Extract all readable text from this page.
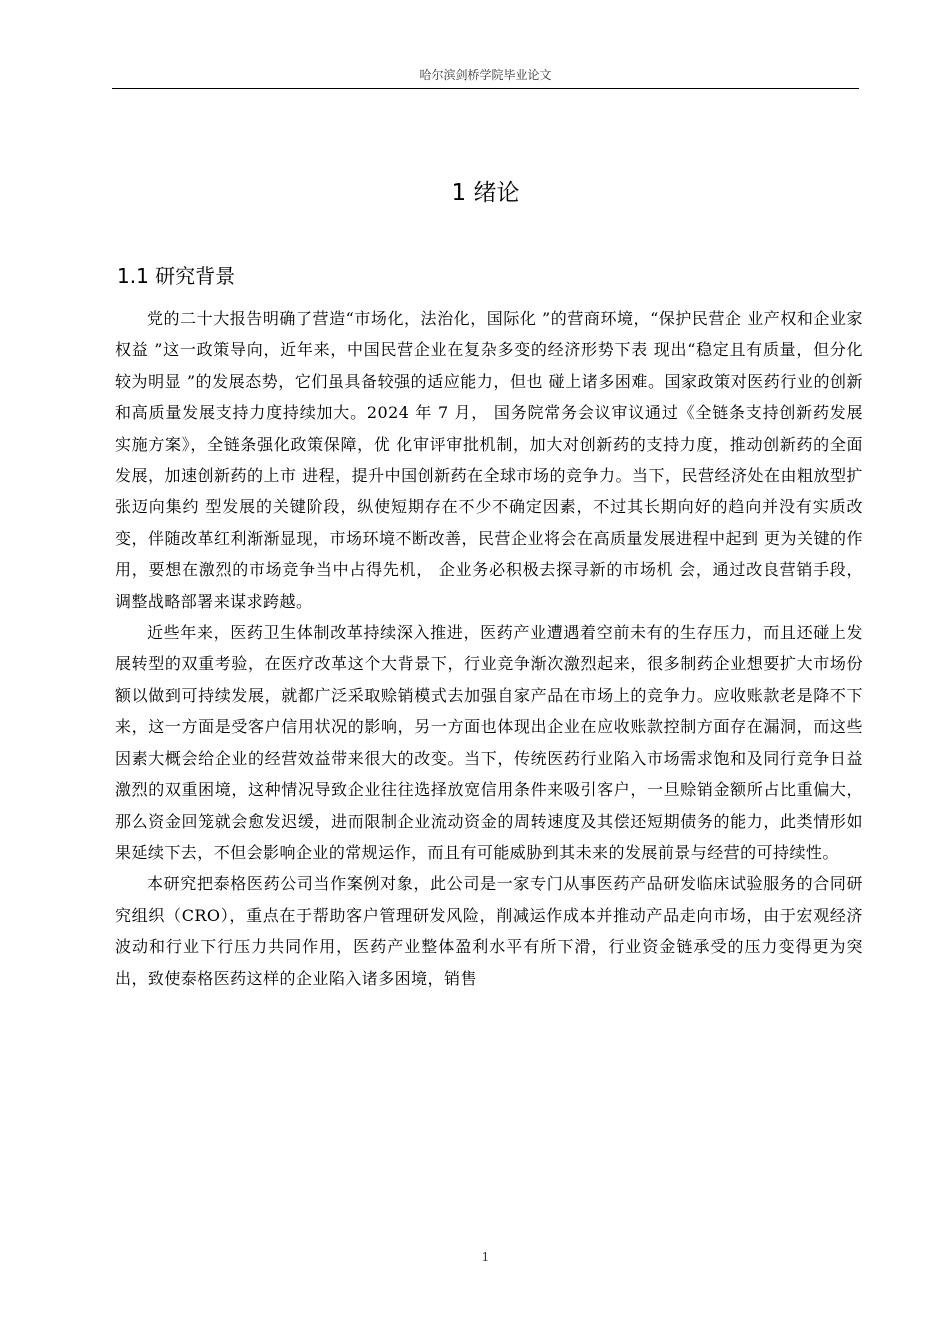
哈尔滨剑桥学院毕业论文
1 绪论
1.1 研究背景

党的二十大报告明确了营造“市场化，法治化，国际化 ”的营商环境，“保护民营企 业产权和企业家权益 ”这一政策导向，近年来，中国民营企业在复杂多变的经济形势下表 现出“稳定且有质量，但分化较为明显 ”的发展态势，它们虽具备较强的适应能力，但也 碰上诸多困难。国家政策对医药行业的创新和高质量发展支持力度持续加大。2024 年 7 月， 国务院常务会议审议通过《全链条支持创新药发展实施方案》，全链条强化政策保障，优 化审评审批机制，加大对创新药的支持力度，推动创新药的全面发展，加速创新药的上市 进程，提升中国创新药在全球市场的竞争力。当下，民营经济处在由粗放型扩张迈向集约 型发展的关键阶段，纵使短期存在不少不确定因素，不过其长期向好的趋向并没有实质改 变，伴随改革红利渐渐显现，市场环境不断改善，民营企业将会在高质量发展进程中起到 更为关键的作用，要想在激烈的市场竞争当中占得先机， 企业务必积极去探寻新的市场机 会，通过改良营销手段，调整战略部署来谋求跨越。

近些年来，医药卫生体制改革持续深入推进，医药产业遭遇着空前未有的生存压力，而且还碰上发展转型的双重考验，在医疗改革这个大背景下，行业竞争渐次激烈起来，很多制药企业想要扩大市场份额以做到可持续发展，就都广泛采取赊销模式去加强自家产品在市场上的竞争力。应收账款老是降不下来，这一方面是受客户信用状况的影响，另一方面也体现出企业在应收账款控制方面存在漏洞，而这些因素大概会给企业的经营效益带来很大的改变。当下，传统医药行业陷入市场需求饱和及同行竞争日益激烈的双重困境，这种情况导致企业往往选择放宽信用条件来吸引客户，一旦赊销金额所占比重偏大，那么资金回笼就会愈发迟缓，进而限制企业流动资金的周转速度及其偿还短期债务的能力，此类情形如果延续下去，不但会影响企业的常规运作，而且有可能威胁到其未来的发展前景与经营的可持续性。

本研究把泰格医药公司当作案例对象，此公司是一家专门从事医药产品研发临床试验服务的合同研究组织（CRO），重点在于帮助客户管理研发风险，削减运作成本并推动产品走向市场，由于宏观经济波动和行业下行压力共同作用，医药产业整体盈利水平有所下滑，行业资金链承受的压力变得更为突出，致使泰格医药这样的企业陷入诸多困境，销售

1
